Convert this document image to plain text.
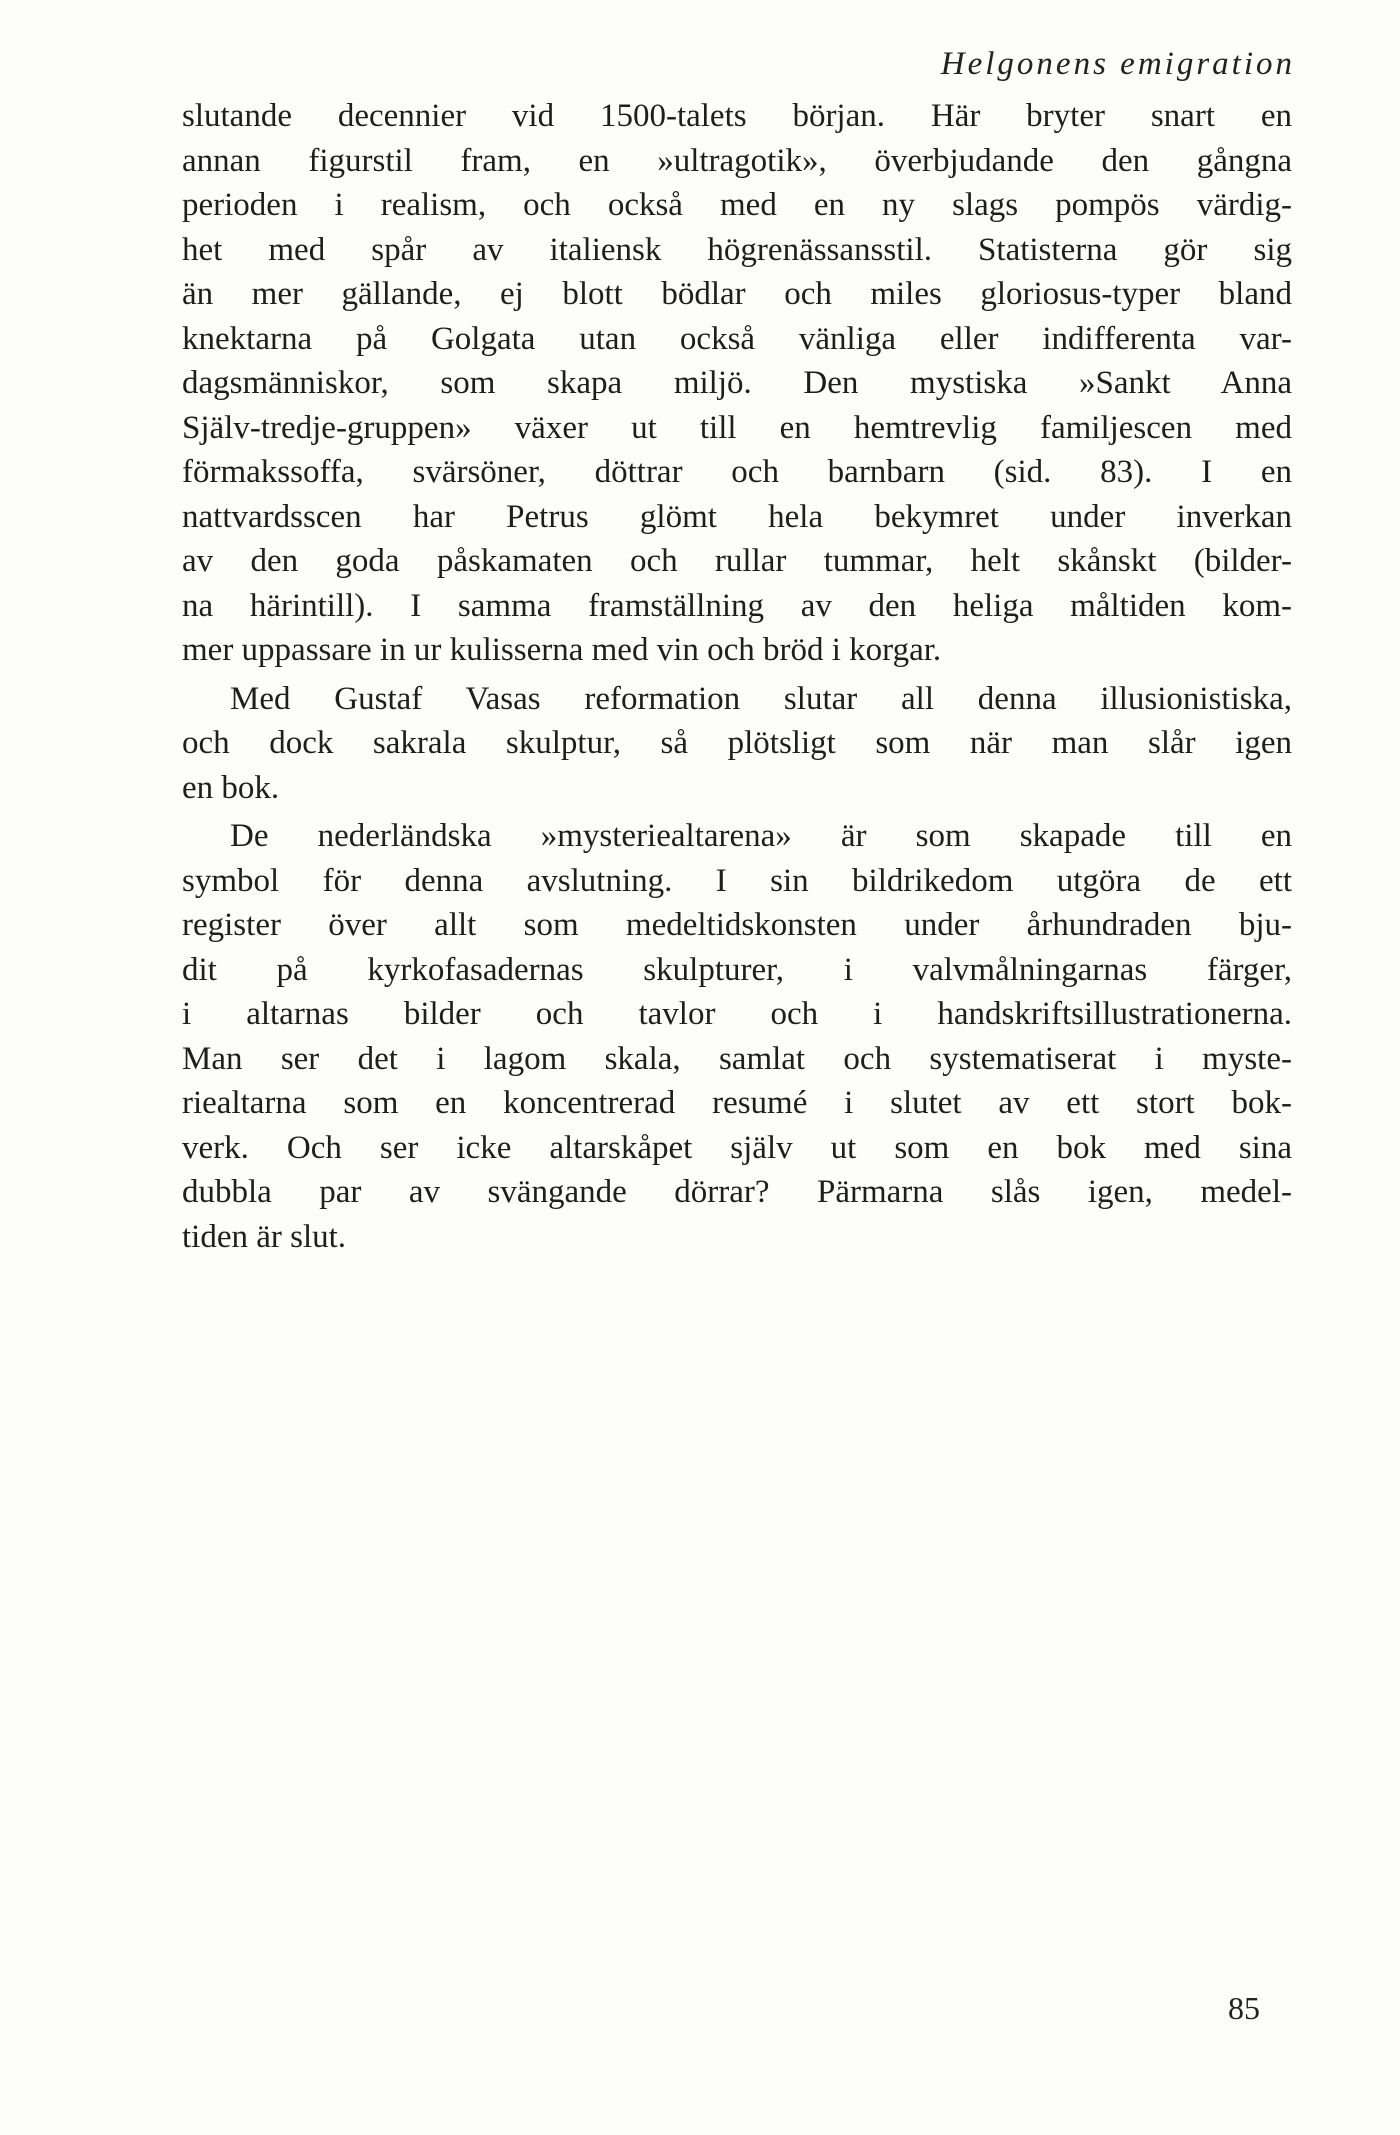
Helgonens emigration

slutande decennier vid 1500-talets början. Här bryter snart en
annan figurstil fram, en »ultragotik», överbjudande den gångna
perioden i realism, och också med en ny slags pompös värdig-
het med spår av italiensk högrenässansstil. Statisterna gör sig
än mer gällande, ej blott bödlar och miles gloriosus-typer bland
knektarna på Golgata utan också vänliga eller indifferenta var-
dagsmänniskor, som skapa miljö. Den mystiska »Sankt Anna
Själv-tredje-gruppen» växer ut till en hemtrevlig familjescen med
förmakssoffa, svärsöner, döttrar och barnbarn (sid. 83). I en
nattvardsscen har Petrus glömt hela bekymret under inverkan
av den goda påskamaten och rullar tummar, helt skånskt (bilder-
na härintill). I samma framställning av den heliga måltiden kom-
mer uppassare in ur kulisserna med vin och bröd i korgar.

Med Gustaf Vasas reformation slutar all denna illusionistiska,
och dock sakrala skulptur, så plötsligt som när man slår igen
en bok.

De nederländska »mysteriealtarena» är som skapade till en
symbol för denna avslutning. I sin bildrikedom utgöra de ett
register över allt som medeltidskonsten under århundraden bju-
dit på kyrkofasadernas skulpturer, i valvmålningarnas färger,
i altarnas bilder och tavlor och i handskriftsillustrationerna.
Man ser det i lagom skala, samlat och systematiserat i myste-
riealtarna som en koncentrerad resumé i slutet av ett stort bok-
verk. Och ser icke altarskåpet själv ut som en bok med sina
dubbla par av svängande dörrar? Pärmarna slås igen, medel-
tiden är slut.

85
